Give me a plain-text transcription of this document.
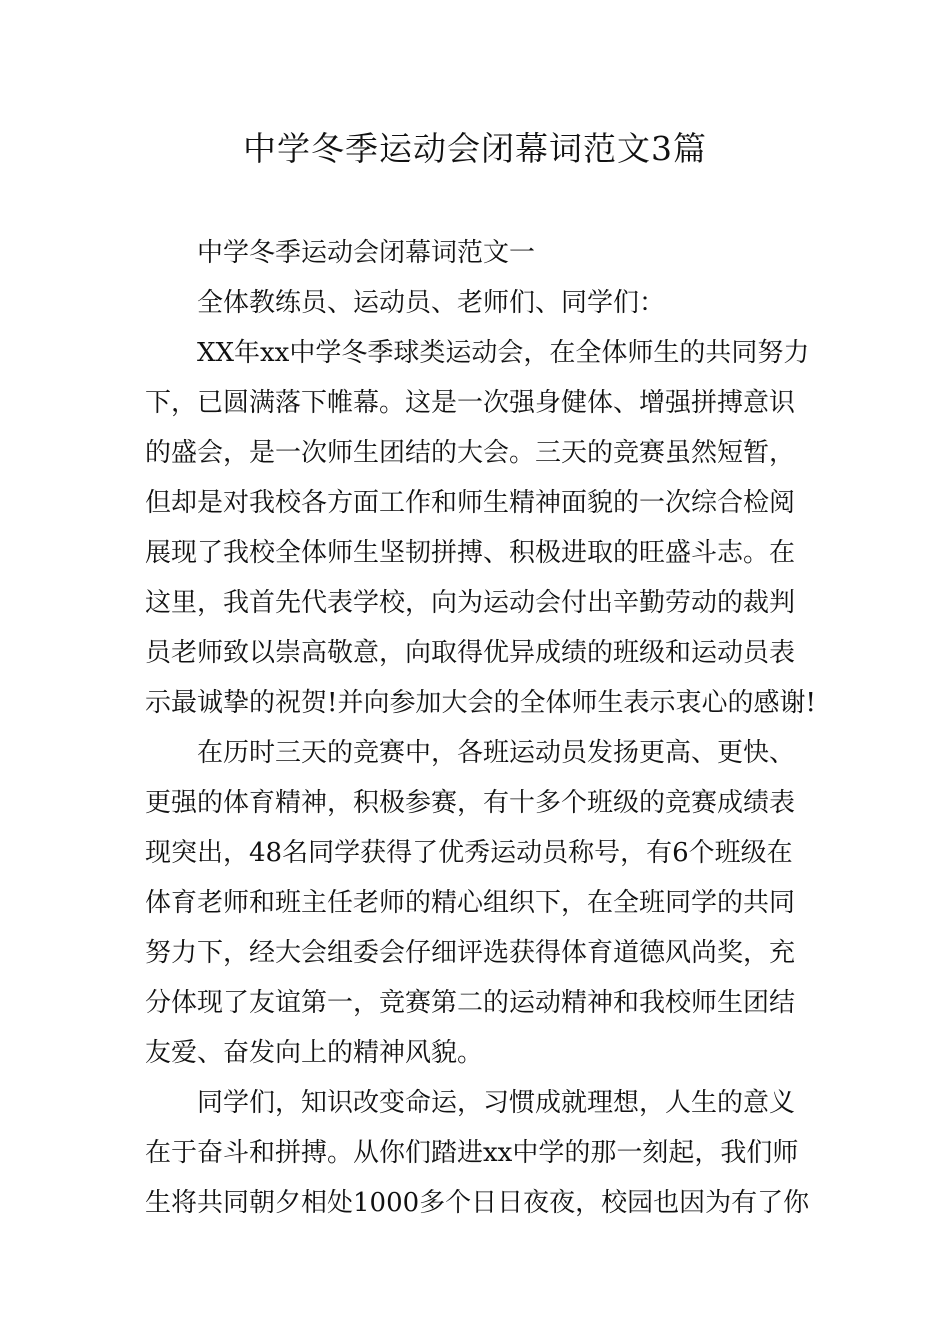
中学冬季运动会闭幕词范文3篇

中学冬季运动会闭幕词范文一

全体教练员、运动员、老师们、同学们：

XX年xx中学冬季球类运动会，在全体师生的共同努力
下，已圆满落下帷幕。这是一次强身健体、增强拼搏意识
的盛会，是一次师生团结的大会。三天的竞赛虽然短暂，
但却是对我校各方面工作和师生精神面貌的一次综合检阅
展现了我校全体师生坚韧拼搏、积极进取的旺盛斗志。在
这里，我首先代表学校，向为运动会付出辛勤劳动的裁判
员老师致以崇高敬意，向取得优异成绩的班级和运动员表
示最诚挚的祝贺!并向参加大会的全体师生表示衷心的感谢!

在历时三天的竞赛中，各班运动员发扬更高、更快、
更强的体育精神，积极参赛，有十多个班级的竞赛成绩表
现突出，48名同学获得了优秀运动员称号，有6个班级在
体育老师和班主任老师的精心组织下，在全班同学的共同
努力下，经大会组委会仔细评选获得体育道德风尚奖，充
分体现了友谊第一，竞赛第二的运动精神和我校师生团结
友爱、奋发向上的精神风貌。

同学们，知识改变命运，习惯成就理想，人生的意义
在于奋斗和拼搏。从你们踏进xx中学的那一刻起，我们师
生将共同朝夕相处1000多个日日夜夜，校园也因为有了你
